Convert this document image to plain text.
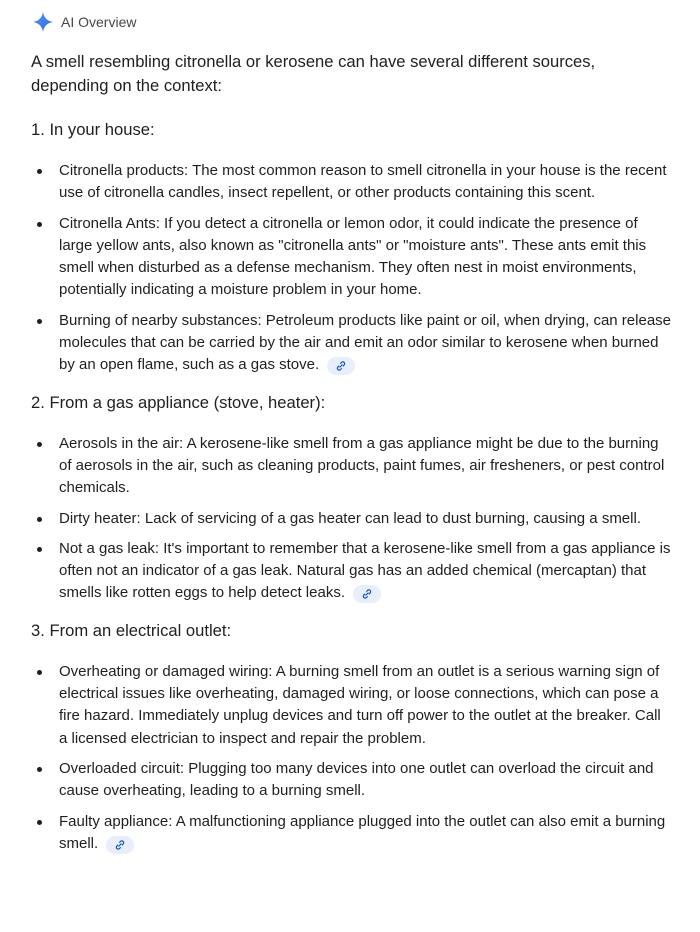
AI Overview

A smell resembling citronella or kerosene can have several different sources, depending on the context:

1. In your house:

Citronella products: The most common reason to smell citronella in your house is the recent use of citronella candles, insect repellent, or other products containing this scent.
Citronella Ants: If you detect a citronella or lemon odor, it could indicate the presence of large yellow ants, also known as "citronella ants" or "moisture ants". These ants emit this smell when disturbed as a defense mechanism. They often nest in moist environments, potentially indicating a moisture problem in your home.
Burning of nearby substances: Petroleum products like paint or oil, when drying, can release molecules that can be carried by the air and emit an odor similar to kerosene when burned by an open flame, such as a gas stove.

2. From a gas appliance (stove, heater):

Aerosols in the air: A kerosene-like smell from a gas appliance might be due to the burning of aerosols in the air, such as cleaning products, paint fumes, air fresheners, or pest control chemicals.
Dirty heater: Lack of servicing of a gas heater can lead to dust burning, causing a smell.
Not a gas leak: It's important to remember that a kerosene-like smell from a gas appliance is often not an indicator of a gas leak. Natural gas has an added chemical (mercaptan) that smells like rotten eggs to help detect leaks.

3. From an electrical outlet:

Overheating or damaged wiring: A burning smell from an outlet is a serious warning sign of electrical issues like overheating, damaged wiring, or loose connections, which can pose a fire hazard. Immediately unplug devices and turn off power to the outlet at the breaker. Call a licensed electrician to inspect and repair the problem.
Overloaded circuit: Plugging too many devices into one outlet can overload the circuit and cause overheating, leading to a burning smell.
Faulty appliance: A malfunctioning appliance plugged into the outlet can also emit a burning smell.
